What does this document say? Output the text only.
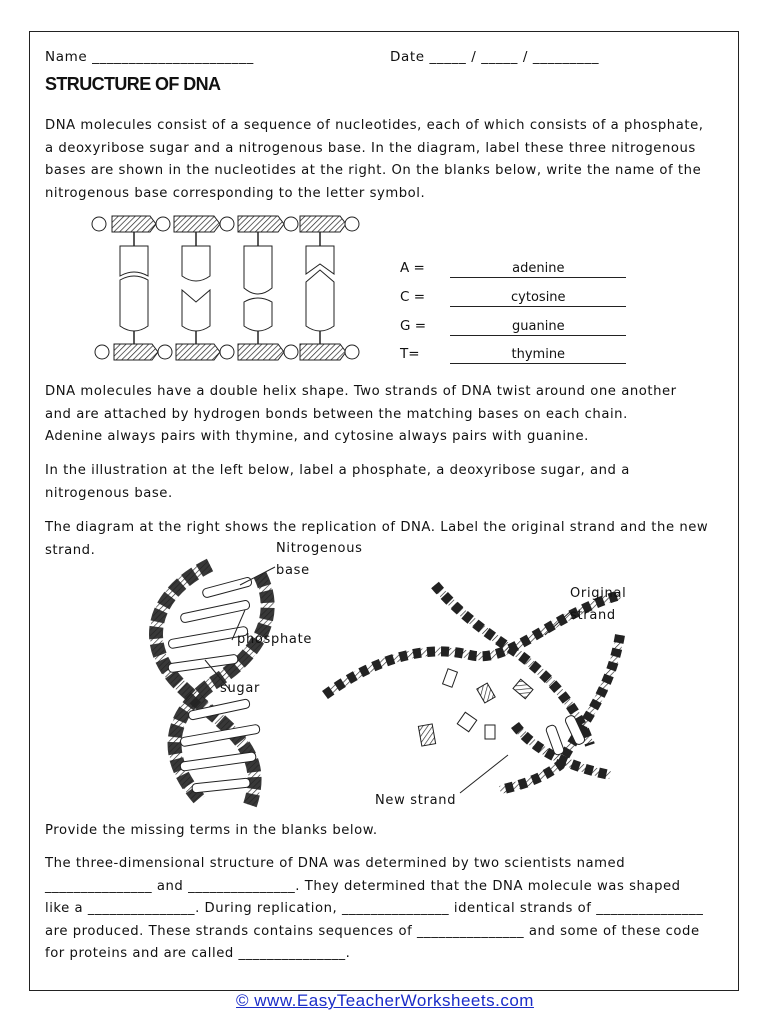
Name ______________________	Date _____ / _____ / _________
STRUCTURE OF DNA
DNA molecules consist of a sequence of nucleotides, each of which consists of a phosphate,
a deoxyribose sugar and a nitrogenous base. In the diagram, label these three nitrogenous
bases are shown in the nucleotides at the right. On the blanks below, write the name of the
nitrogenous base corresponding to the letter symbol.
A =	adenine
C =	cytosine
G =	guanine
T=	thymine
DNA molecules have a double helix shape. Two strands of DNA twist around one another
and are attached by hydrogen bonds between the matching bases on each chain.
Adenine always pairs with thymine, and cytosine always pairs with guanine.
In the illustration at the left below, label a phosphate, a deoxyribose sugar, and a
nitrogenous base.
The diagram at the right shows the replication of DNA. Label the original strand and the new
strand.	Nitrogenous
base
phosphate
sugar
Original
strand
New strand
Provide the missing terms in the blanks below.
The three-dimensional structure of DNA was determined by two scientists named
_______________ and _______________. They determined that the DNA molecule was shaped
like a _______________. During replication, _______________ identical strands of _______________
are produced. These strands contains sequences of _______________ and some of these code
for proteins and are called _______________.
© www.EasyTeacherWorksheets.com
